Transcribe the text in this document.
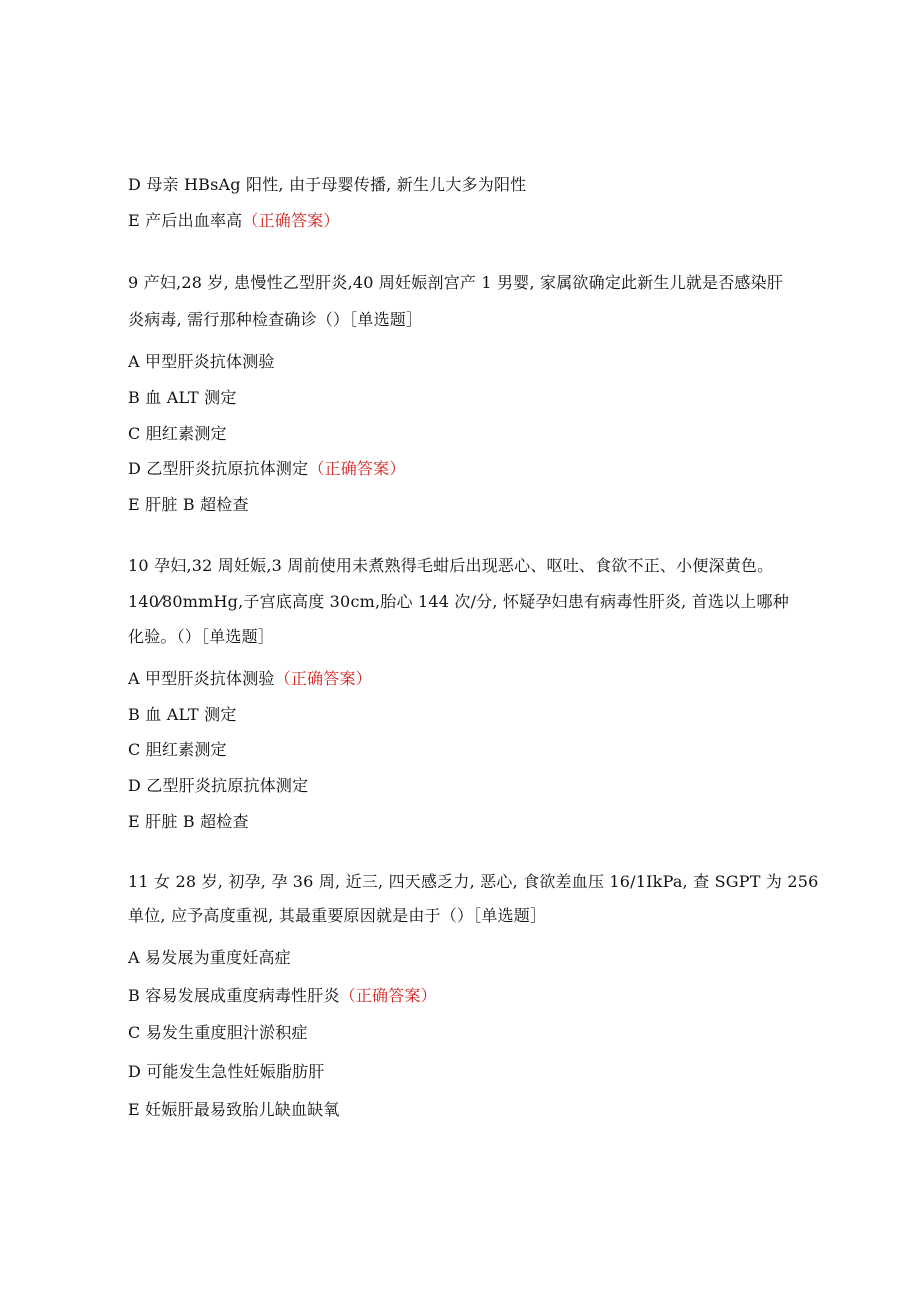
D 母亲 HBsAg 阳性, 由于母婴传播, 新生儿大多为阳性
E 产后出血率高（正确答案）
9 产妇,28 岁, 患慢性乙型肝炎,40 周妊娠剖宫产 1 男婴, 家属欲确定此新生儿就是否感染肝
炎病毒, 需行那种检查确诊（）［单选题］
A 甲型肝炎抗体测验
B 血 ALT 测定
C 胆红素测定
D 乙型肝炎抗原抗体测定（正确答案）
E 肝脏 B 超检查
10 孕妇,32 周妊娠,3 周前使用未煮熟得毛蚶后出现恶心、呕吐、食欲不正、小便深黄色。
140⁄80mmHg,子宫底高度 30cm,胎心 144 次/分, 怀疑孕妇患有病毒性肝炎, 首选以上哪种
化验。（）［单选题］
A 甲型肝炎抗体测验（正确答案）
B 血 ALT 测定
C 胆红素测定
D 乙型肝炎抗原抗体测定
E 肝脏 B 超检查
11 女 28 岁, 初孕, 孕 36 周, 近三, 四天感乏力, 恶心, 食欲差血压 16/1IkPa, 查 SGPT 为 256
单位, 应予高度重视, 其最重要原因就是由于（）［单选题］
A 易发展为重度妊高症
B 容易发展成重度病毒性肝炎（正确答案）
C 易发生重度胆汁淤积症
D 可能发生急性妊娠脂肪肝
E 妊娠肝最易致胎儿缺血缺氧
